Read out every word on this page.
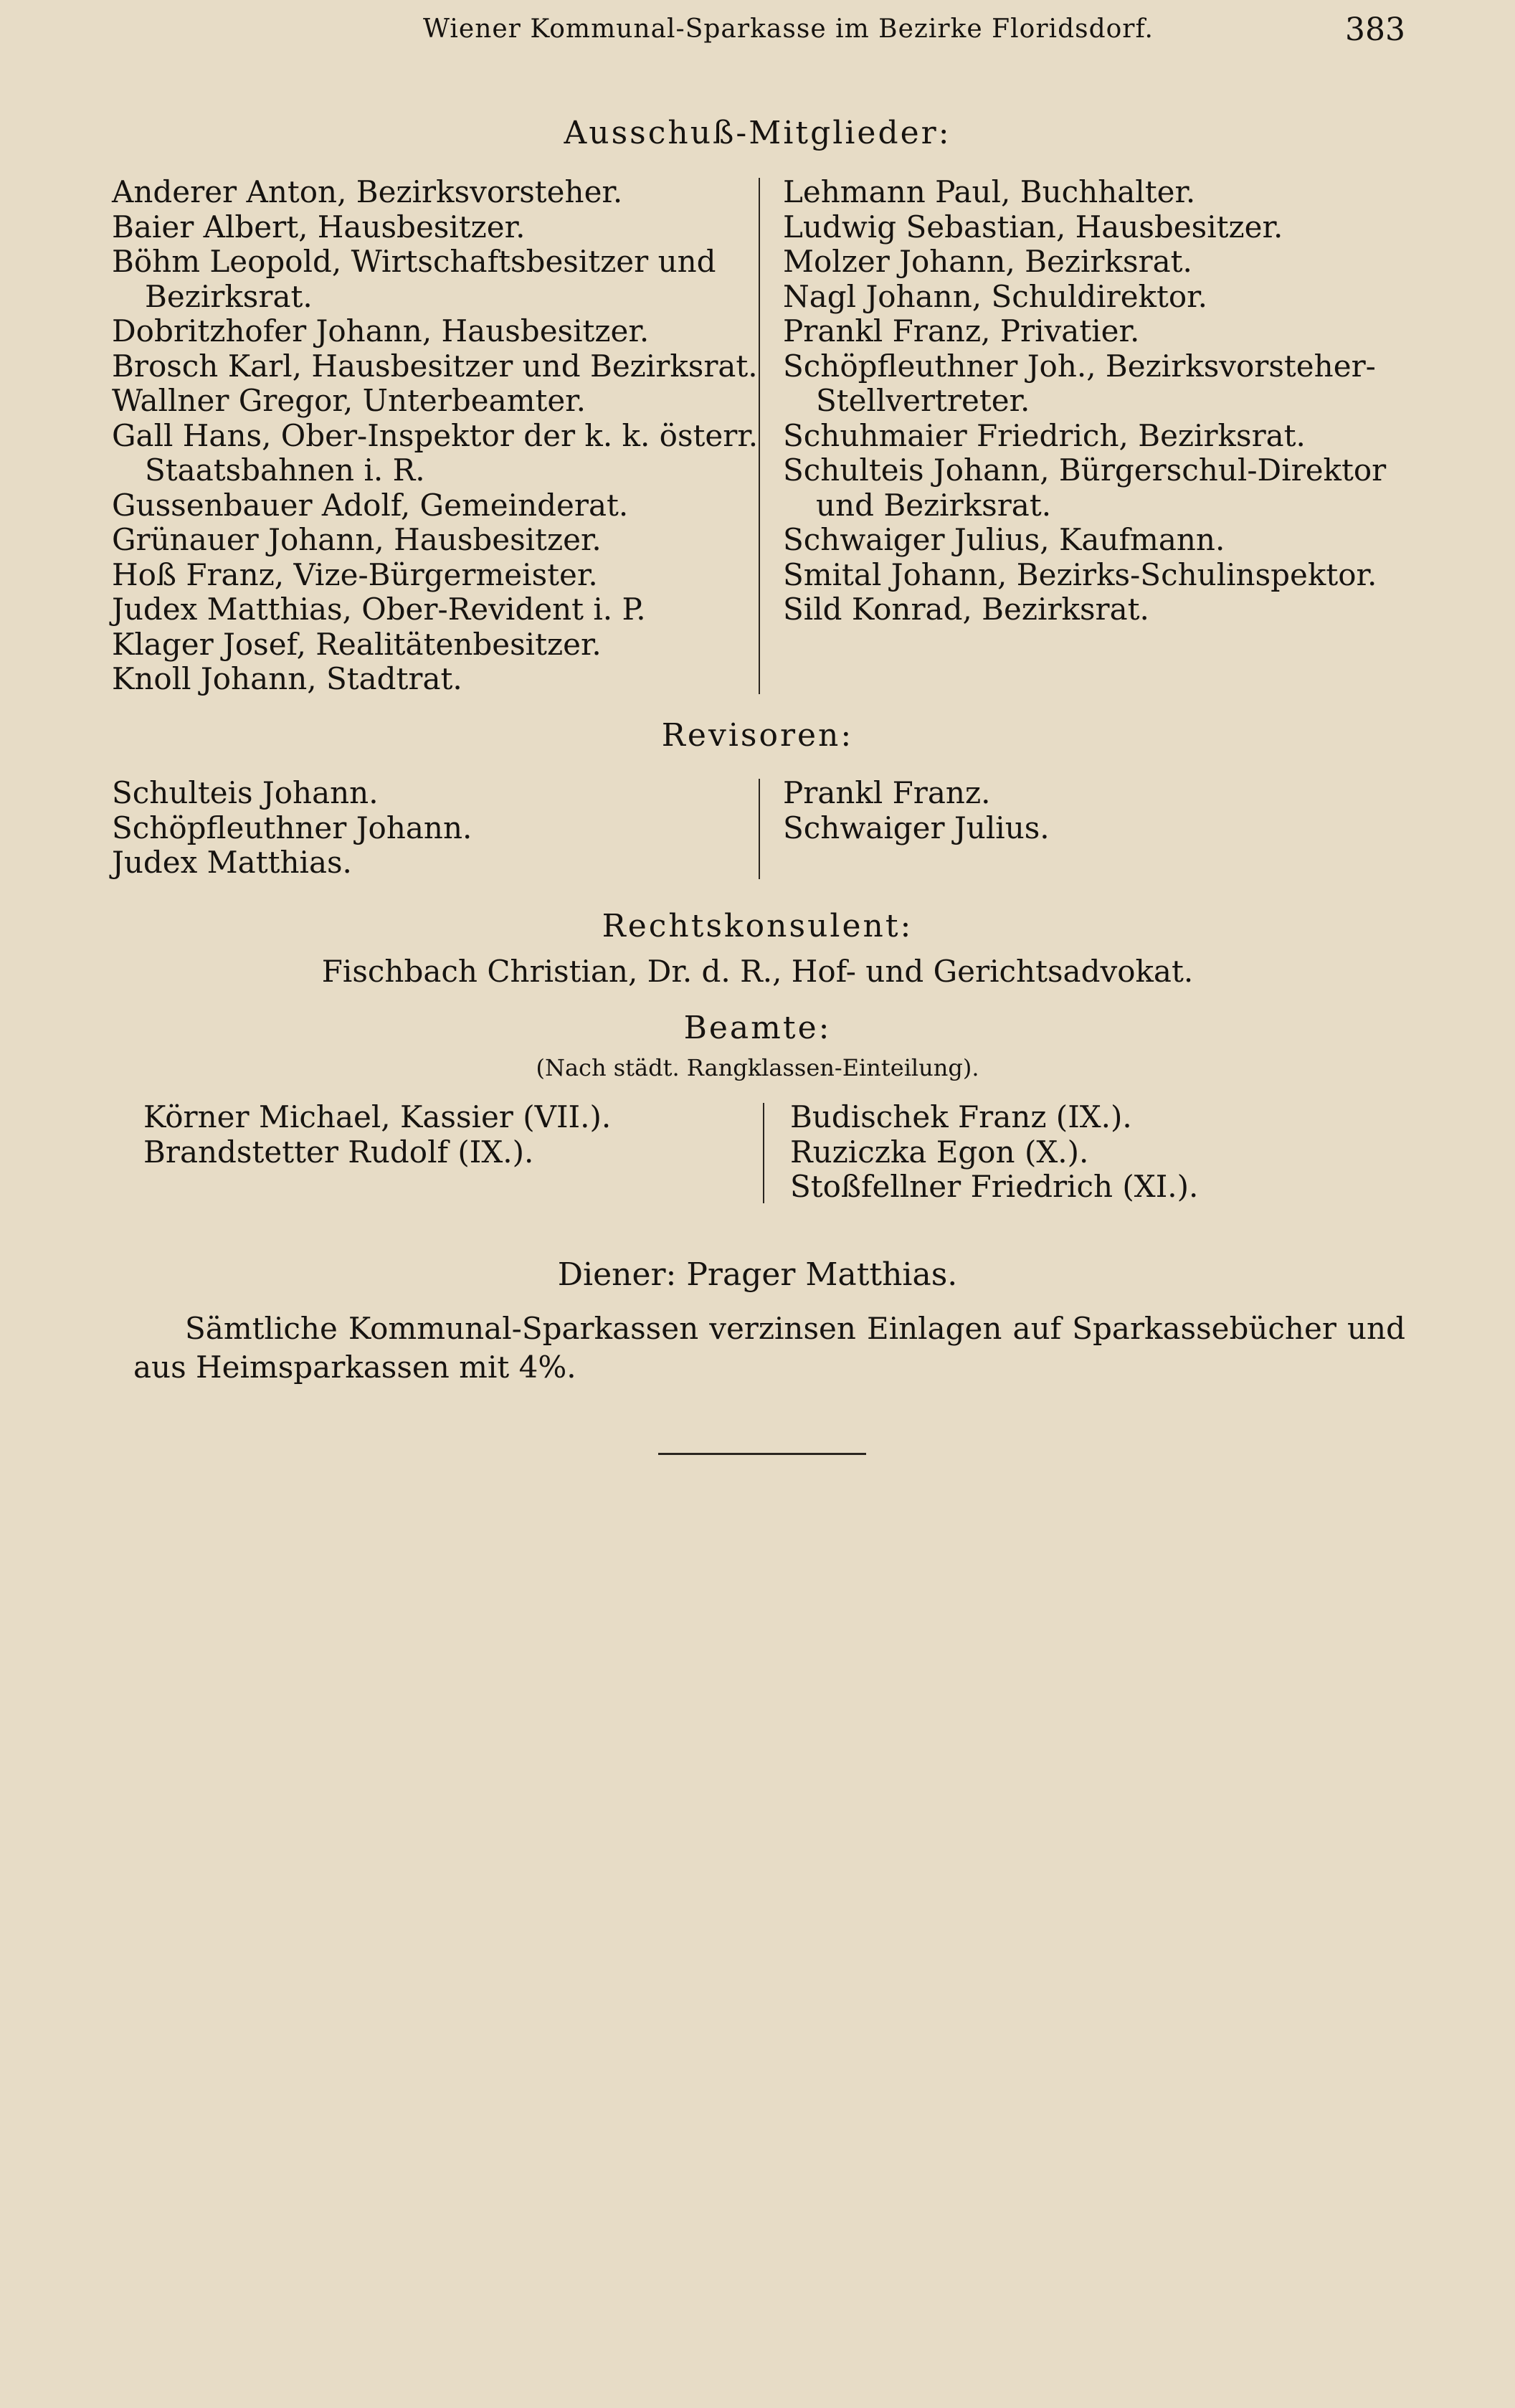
Wiener Kommunal-Sparkasse im Bezirke Floridsdorf.	383
Ausschuß-Mitglieder:
Anderer Anton, Bezirksvorsteher.
Baier Albert, Hausbesitzer.
Böhm Leopold, Wirtschaftsbesitzer und
Bezirksrat.
Dobritzhofer Johann, Hausbesitzer.
Brosch Karl, Hausbesitzer und Bezirksrat.
Wallner Gregor, Unterbeamter.
Gall Hans, Ober-Inspektor der k. k. österr.
Staatsbahnen i. R.
Gussenbauer Adolf, Gemeinderat.
Grünauer Johann, Hausbesitzer.
Hoß Franz, Vize-Bürgermeister.
Judex Matthias, Ober-Revident i. P.
Klager Josef, Realitätenbesitzer.
Knoll Johann, Stadtrat.
Lehmann Paul, Buchhalter.
Ludwig Sebastian, Hausbesitzer.
Molzer Johann, Bezirksrat.
Nagl Johann, Schuldirektor.
Prankl Franz, Privatier.
Schöpfleuthner Joh., Bezirksvorsteher-
Stellvertreter.
Schuhmaier Friedrich, Bezirksrat.
Schulteis Johann, Bürgerschul-Direktor
und Bezirksrat.
Schwaiger Julius, Kaufmann.
Smital Johann, Bezirks-Schulinspektor.
Sild Konrad, Bezirksrat.
Revisoren:
Schulteis Johann.
Schöpfleuthner Johann.
Judex Matthias.
Prankl Franz.
Schwaiger Julius.
Rechtskonsulent:
Fischbach Christian, Dr. d. R., Hof- und Gerichtsadvokat.
Beamte:
(Nach städt. Rangklassen-Einteilung).
Körner Michael, Kassier (VII.).
Brandstetter Rudolf (IX.).
Budischek Franz (IX.).
Ruziczka Egon (X.).
Stoßfellner Friedrich (XI.).
Diener: Prager Matthias.
Sämtliche Kommunal-Sparkassen verzinsen Einlagen auf Sparkassebücher und aus Heimsparkassen mit 4%.
